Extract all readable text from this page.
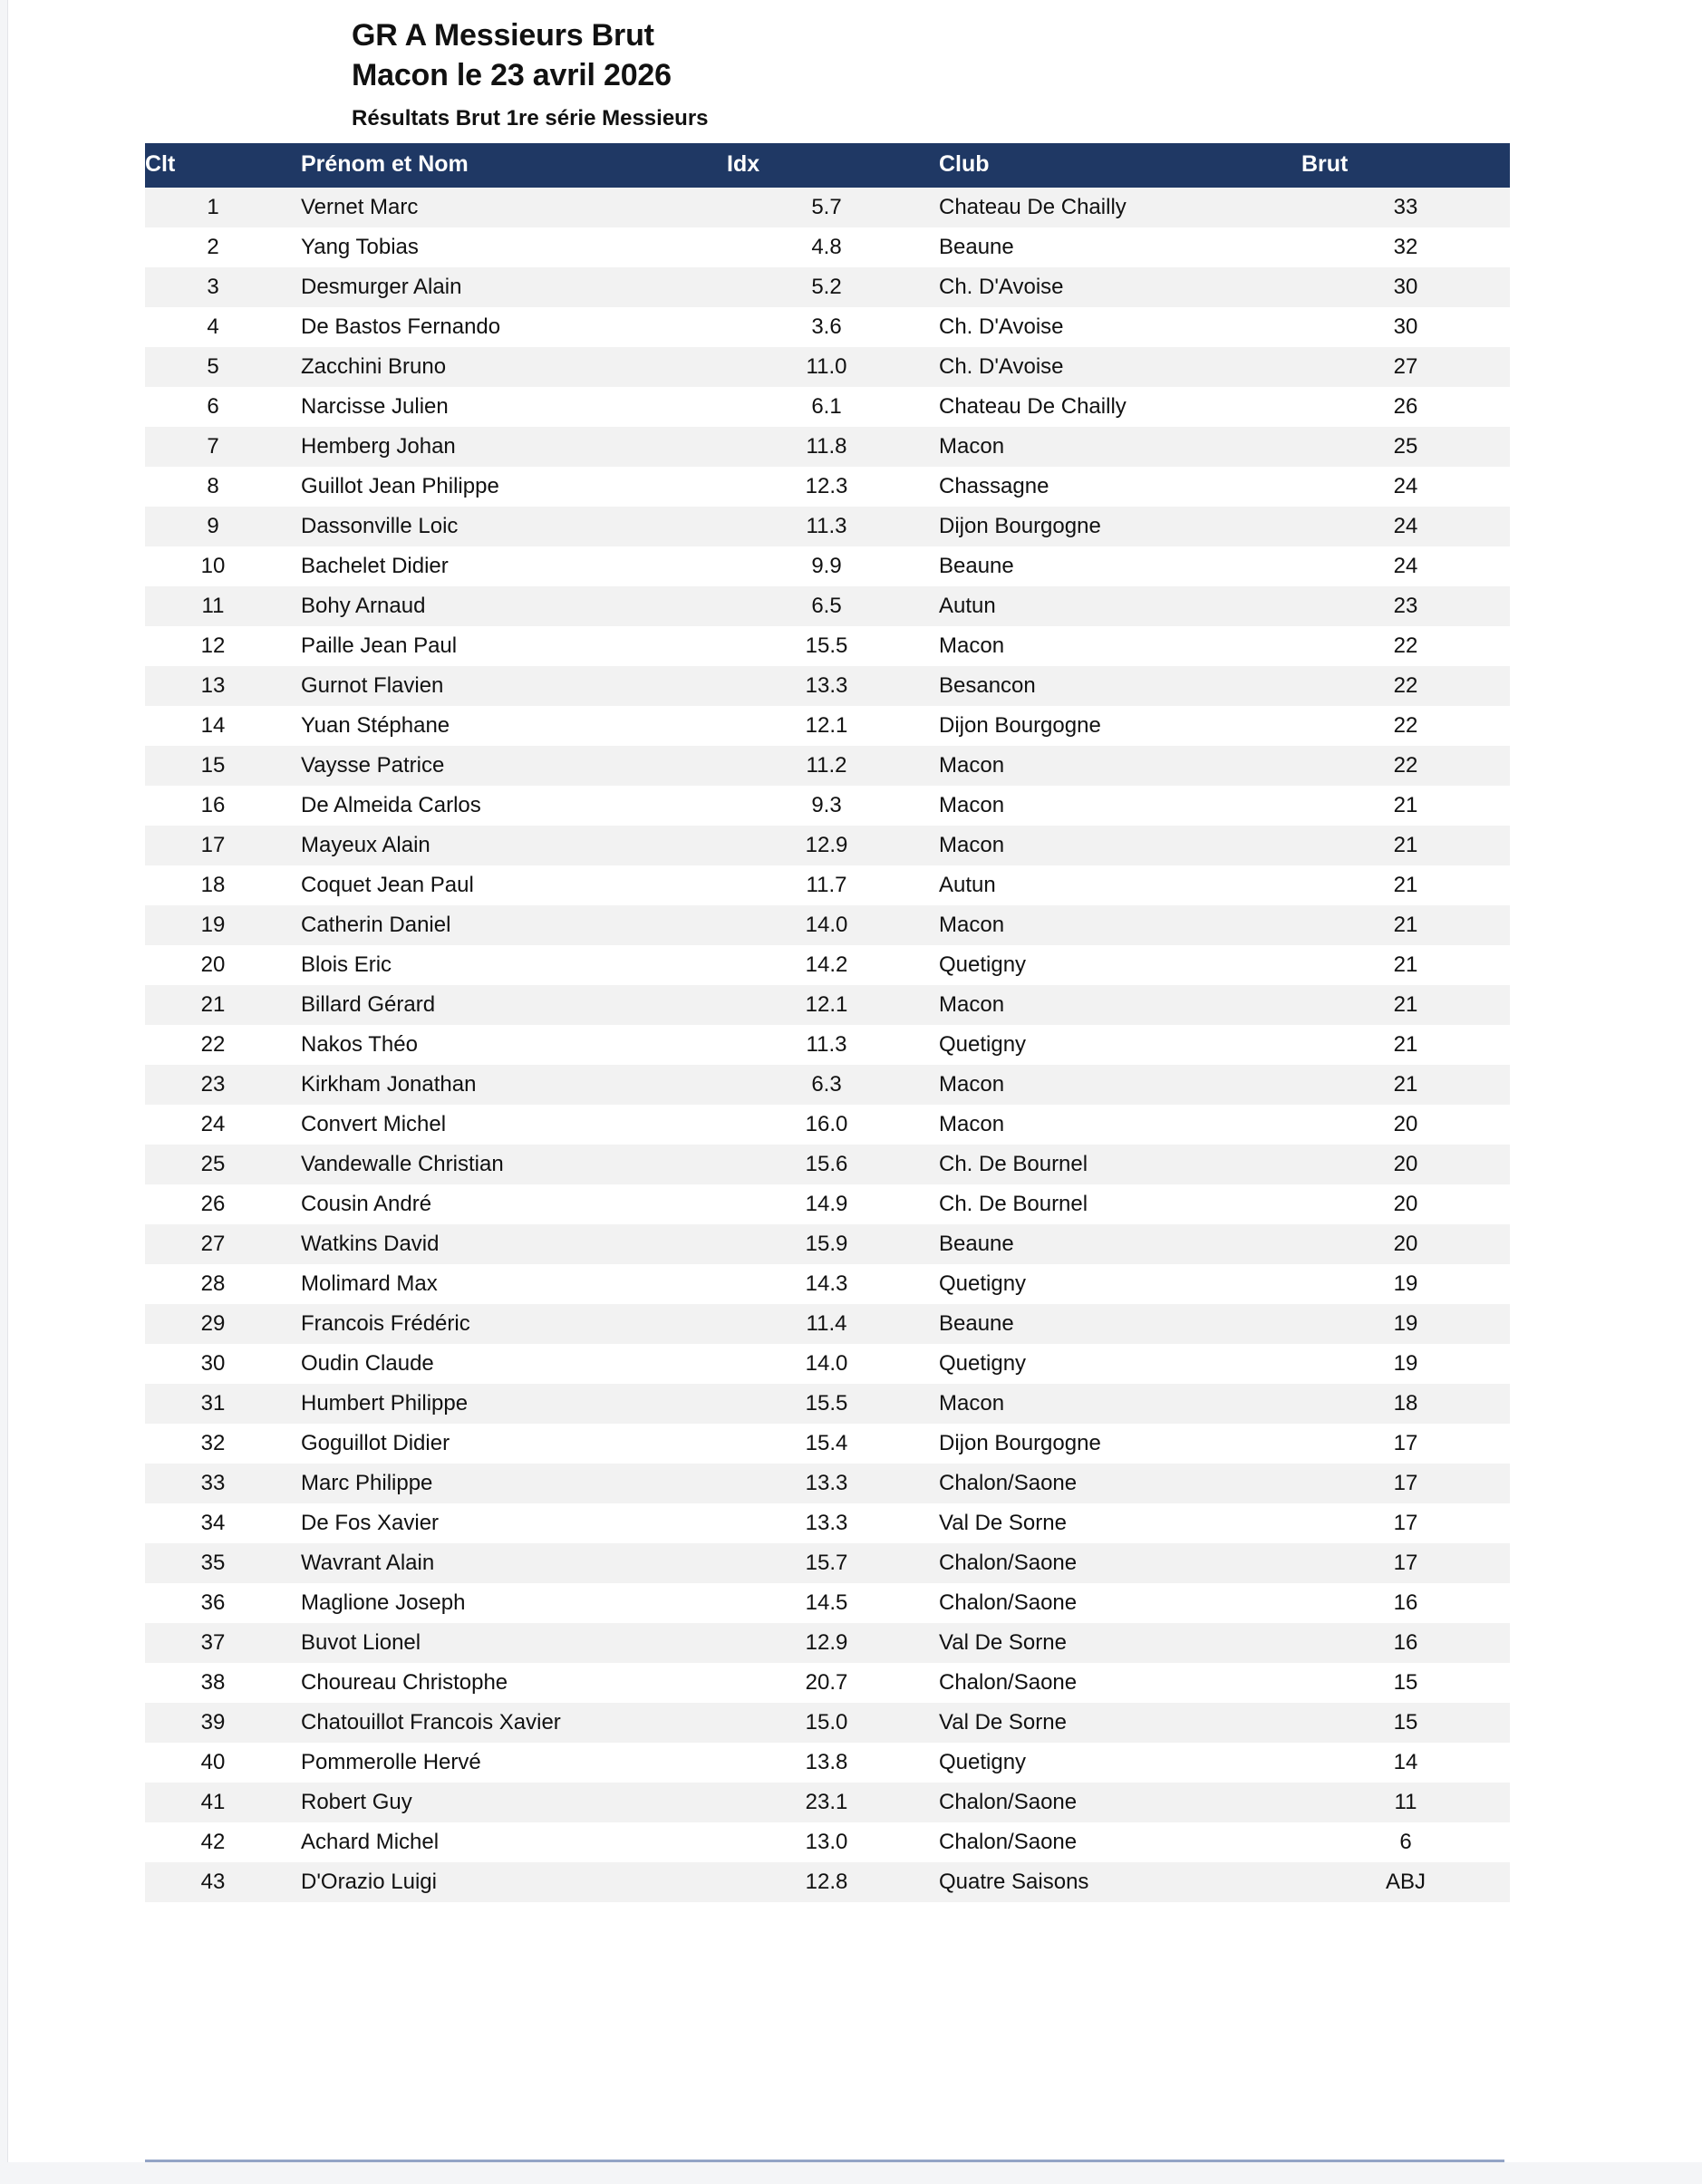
GR A Messieurs Brut
Macon le 23 avril 2026
Résultats Brut 1re série Messieurs
Clt	Prénom et Nom	Idx	Club	Brut
1	Vernet Marc	5.7	Chateau De Chailly	33
2	Yang Tobias	4.8	Beaune	32
3	Desmurger Alain	5.2	Ch. D'Avoise	30
4	De Bastos Fernando	3.6	Ch. D'Avoise	30
5	Zacchini Bruno	11.0	Ch. D'Avoise	27
6	Narcisse Julien	6.1	Chateau De Chailly	26
7	Hemberg Johan	11.8	Macon	25
8	Guillot Jean Philippe	12.3	Chassagne	24
9	Dassonville Loic	11.3	Dijon Bourgogne	24
10	Bachelet Didier	9.9	Beaune	24
11	Bohy Arnaud	6.5	Autun	23
12	Paille Jean Paul	15.5	Macon	22
13	Gurnot Flavien	13.3	Besancon	22
14	Yuan Stéphane	12.1	Dijon Bourgogne	22
15	Vaysse Patrice	11.2	Macon	22
16	De Almeida Carlos	9.3	Macon	21
17	Mayeux Alain	12.9	Macon	21
18	Coquet Jean Paul	11.7	Autun	21
19	Catherin Daniel	14.0	Macon	21
20	Blois Eric	14.2	Quetigny	21
21	Billard Gérard	12.1	Macon	21
22	Nakos Théo	11.3	Quetigny	21
23	Kirkham Jonathan	6.3	Macon	21
24	Convert Michel	16.0	Macon	20
25	Vandewalle Christian	15.6	Ch. De Bournel	20
26	Cousin André	14.9	Ch. De Bournel	20
27	Watkins David	15.9	Beaune	20
28	Molimard Max	14.3	Quetigny	19
29	Francois Frédéric	11.4	Beaune	19
30	Oudin Claude	14.0	Quetigny	19
31	Humbert Philippe	15.5	Macon	18
32	Goguillot Didier	15.4	Dijon Bourgogne	17
33	Marc Philippe	13.3	Chalon/Saone	17
34	De Fos Xavier	13.3	Val De Sorne	17
35	Wavrant Alain	15.7	Chalon/Saone	17
36	Maglione Joseph	14.5	Chalon/Saone	16
37	Buvot Lionel	12.9	Val De Sorne	16
38	Choureau Christophe	20.7	Chalon/Saone	15
39	Chatouillot Francois Xavier	15.0	Val De Sorne	15
40	Pommerolle Hervé	13.8	Quetigny	14
41	Robert Guy	23.1	Chalon/Saone	11
42	Achard Michel	13.0	Chalon/Saone	6
43	D'Orazio Luigi	12.8	Quatre Saisons	ABJ
